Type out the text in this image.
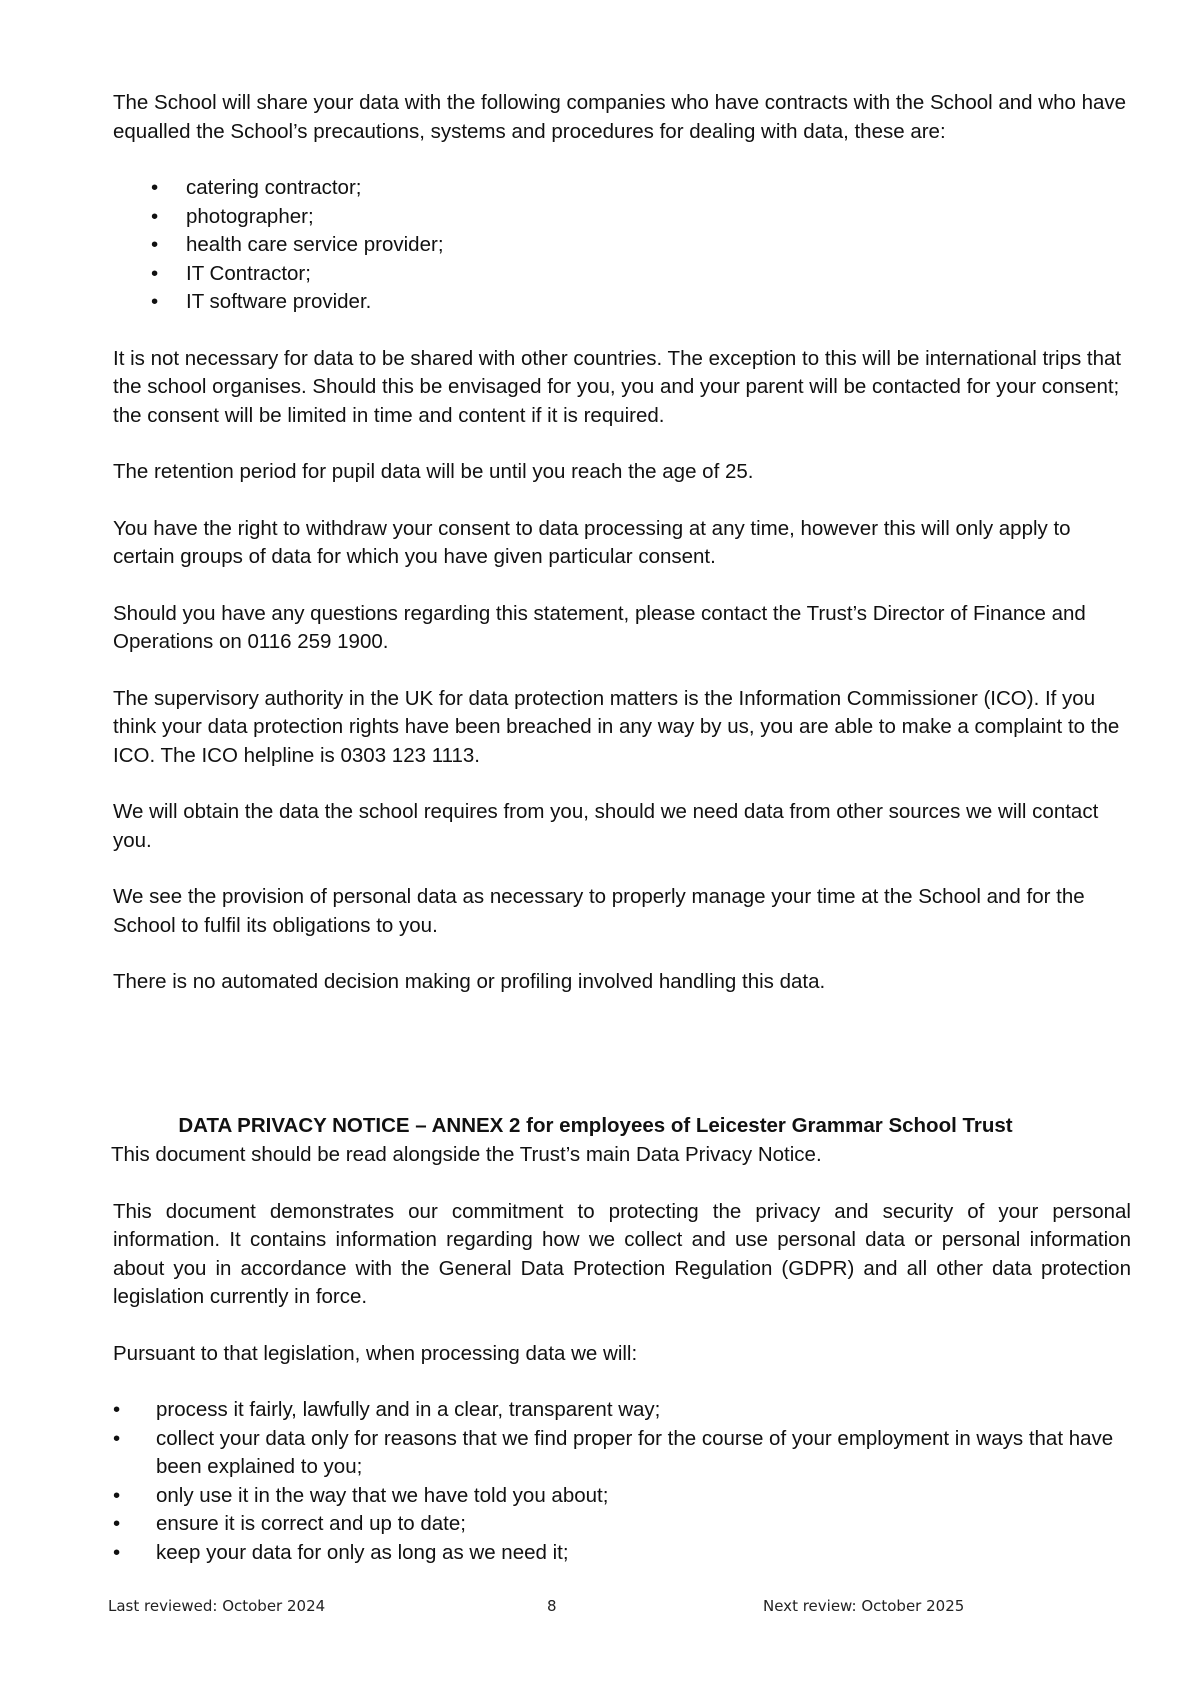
The School will share your data with the following companies who have contracts with the School and who have equalled the School’s precautions, systems and procedures for dealing with data, these are:

• catering contractor;
• photographer;
• health care service provider;
• IT Contractor;
• IT software provider.

It is not necessary for data to be shared with other countries. The exception to this will be international trips that the school organises. Should this be envisaged for you, you and your parent will be contacted for your consent; the consent will be limited in time and content if it is required.

The retention period for pupil data will be until you reach the age of 25.

You have the right to withdraw your consent to data processing at any time, however this will only apply to certain groups of data for which you have given particular consent.

Should you have any questions regarding this statement, please contact the Trust’s Director of Finance and Operations on 0116 259 1900.

The supervisory authority in the UK for data protection matters is the Information Commissioner (ICO). If you think your data protection rights have been breached in any way by us, you are able to make a complaint to the ICO. The ICO helpline is 0303 123 1113.

We will obtain the data the school requires from you, should we need data from other sources we will contact you.

We see the provision of personal data as necessary to properly manage your time at the School and for the School to fulfil its obligations to you.

There is no automated decision making or profiling involved handling this data.

DATA PRIVACY NOTICE – ANNEX 2 for employees of Leicester Grammar School Trust

This document should be read alongside the Trust’s main Data Privacy Notice.

This document demonstrates our commitment to protecting the privacy and security of your personal information. It contains information regarding how we collect and use personal data or personal information about you in accordance with the General Data Protection Regulation (GDPR) and all other data protection legislation currently in force.

Pursuant to that legislation, when processing data we will:

• process it fairly, lawfully and in a clear, transparent way;
• collect your data only for reasons that we find proper for the course of your employment in ways that have been explained to you;
• only use it in the way that we have told you about;
• ensure it is correct and up to date;
• keep your data for only as long as we need it;
Last reviewed: October 2024	8	Next review: October 2025
